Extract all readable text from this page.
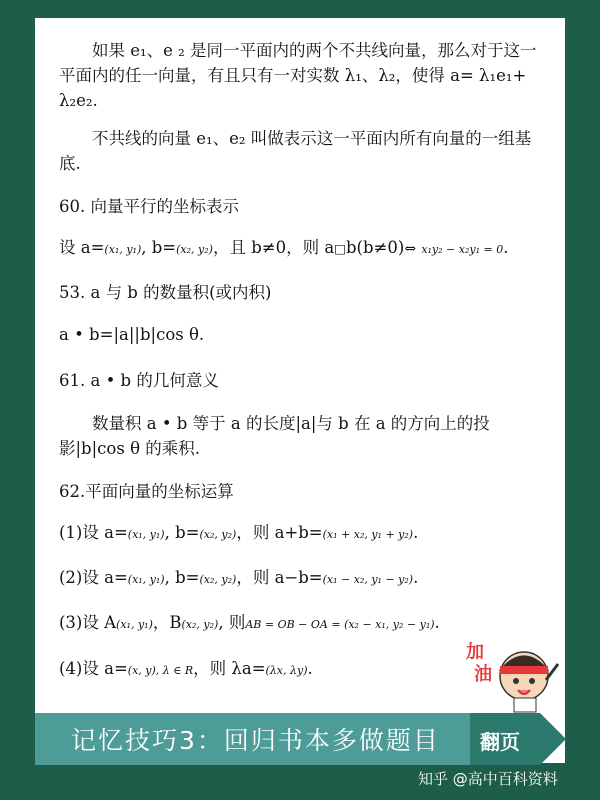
如果 e₁、e ₂ 是同一平面内的两个不共线向量，那么对于这一平面内的任一向量，有且只有一对实数 λ₁、λ₂，使得 a= λ₁e₁+ λ₂e₂.
不共线的向量 e₁、e₂ 叫做表示这一平面内所有向量的一组基底.
60. 向量平行的坐标表示
设 a=(x₁, y₁), b=(x₂, y₂)，且 b≠0，则 a□b(b≠0)⇔ x₁y₂ − x₂y₁ = 0.
53. a 与 b 的数量积(或内积)
a • b=|a||b|cos θ.
61. a • b 的几何意义
数量积 a • b 等于 a 的长度|a|与 b 在 a 的方向上的投影|b|cos θ 的乘积.
62.平面向量的坐标运算
(1)设 a=(x₁, y₁), b=(x₂, y₂)，则 a+b=(x₁ + x₂, y₁ + y₂).
(2)设 a=(x₁, y₁), b=(x₂, y₂)，则 a−b=(x₁ − x₂, y₁ − y₂).
(3)设 A(x₁, y₁)，B(x₂, y₂), 则AB = OB − OA = (x₂ − x₁, y₂ − y₁).
(4)设 a=(x, y), λ ∈ R，则 λa=(λx, λy).
加
油
记忆技巧3：回归书本多做题目 翻页
知乎 @高中百科资料
